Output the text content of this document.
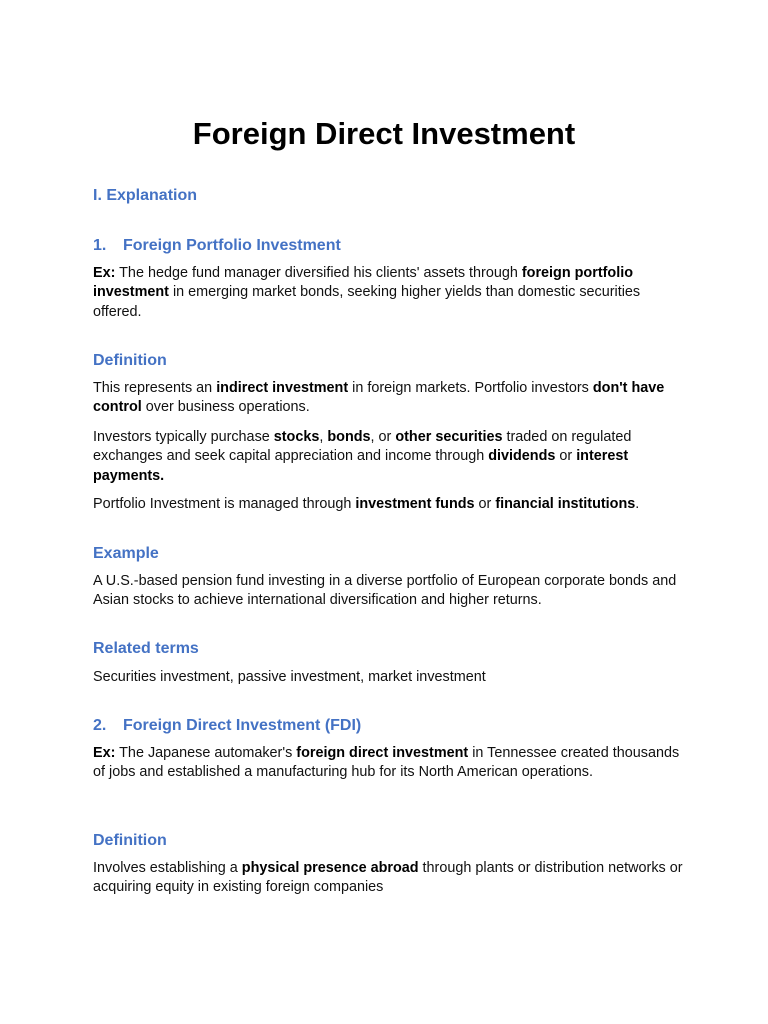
Foreign Direct Investment
I. Explanation
1. Foreign Portfolio Investment

Ex: The hedge fund manager diversified his clients' assets through foreign portfolio investment in emerging market bonds, seeking higher yields than domestic securities offered.

Definition

This represents an indirect investment in foreign markets. Portfolio investors don't have control over business operations.

Investors typically purchase stocks, bonds, or other securities traded on regulated exchanges and seek capital appreciation and income through dividends or interest payments.

Portfolio Investment is managed through investment funds or financial institutions.

Example

A U.S.-based pension fund investing in a diverse portfolio of European corporate bonds and Asian stocks to achieve international diversification and higher returns.

Related terms

Securities investment, passive investment, market investment

2. Foreign Direct Investment (FDI)

Ex: The Japanese automaker's foreign direct investment in Tennessee created thousands of jobs and established a manufacturing hub for its North American operations.

Definition

Involves establishing a physical presence abroad through plants or distribution networks or acquiring equity in existing foreign companies
